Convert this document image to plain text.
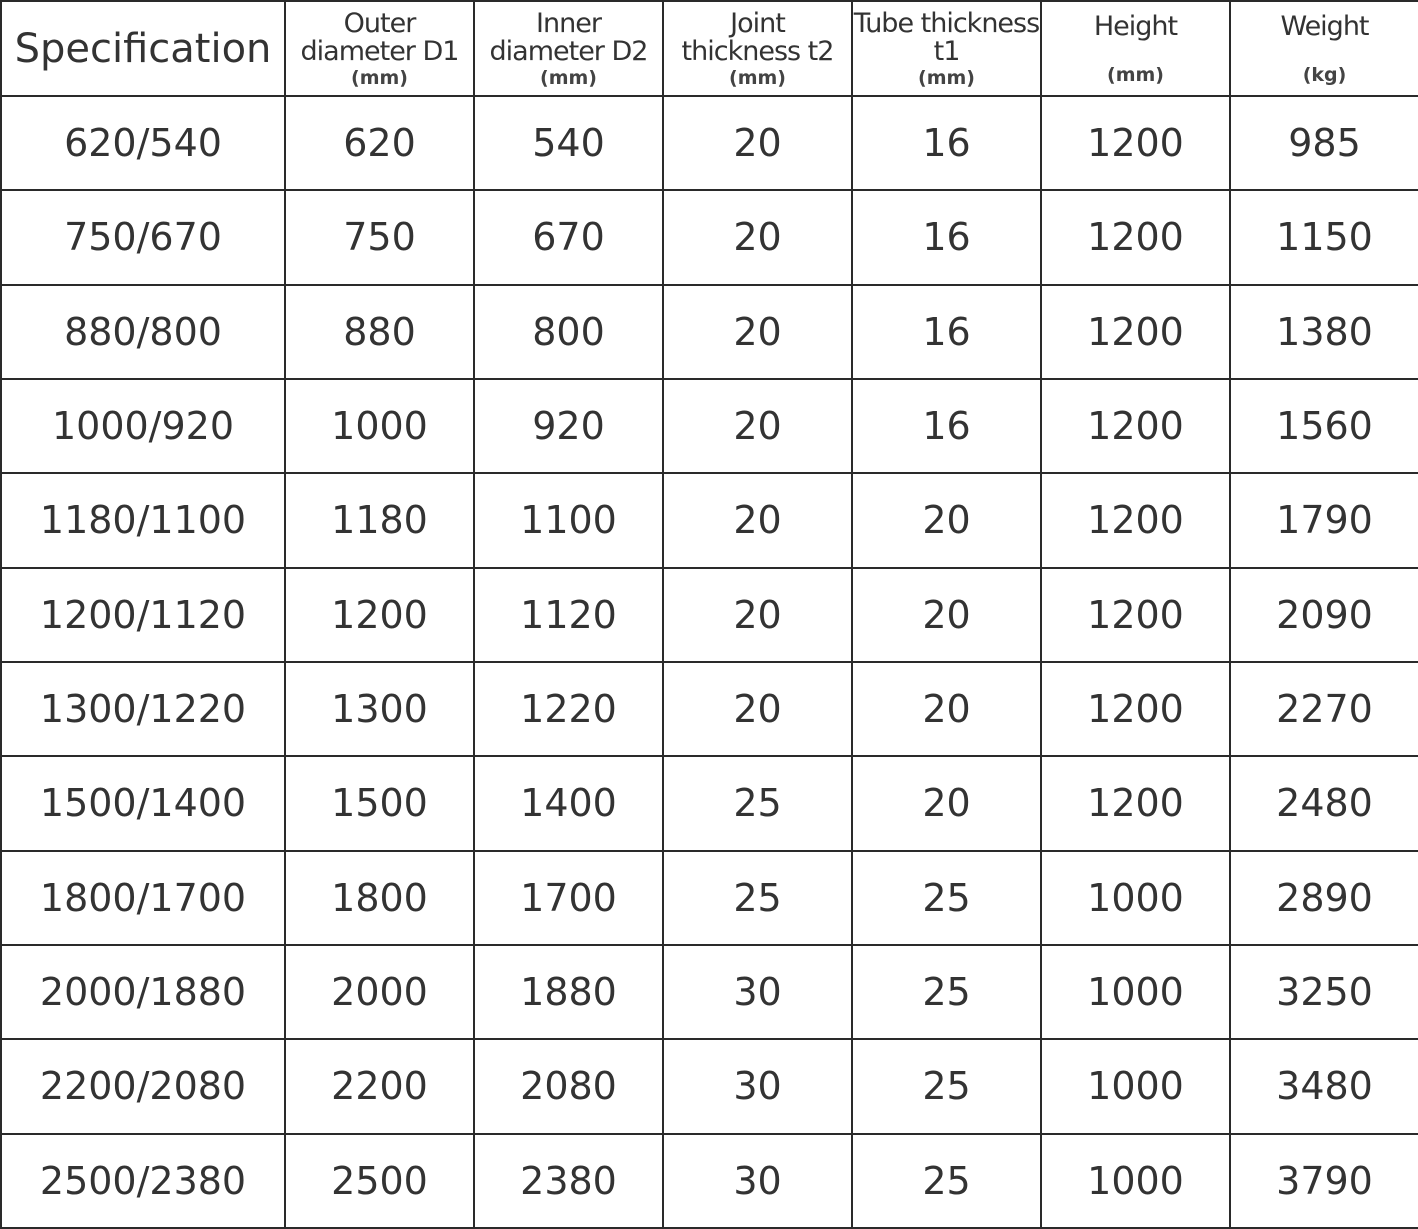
Specification	Outer
diameter D1
(mm)	Inner
diameter D2
(mm)	Joint
thickness t2
(mm)	Tube thickness
t1
(mm)	Height
(mm)	Weight
(kg)

620/540	620	540	20	16	1200	985
750/670	750	670	20	16	1200	1150
880/800	880	800	20	16	1200	1380
1000/920	1000	920	20	16	1200	1560
1180/1100	1180	1100	20	20	1200	1790
1200/1120	1200	1120	20	20	1200	2090
1300/1220	1300	1220	20	20	1200	2270
1500/1400	1500	1400	25	20	1200	2480
1800/1700	1800	1700	25	25	1000	2890
2000/1880	2000	1880	30	25	1000	3250
2200/2080	2200	2080	30	25	1000	3480
2500/2380	2500	2380	30	25	1000	3790
